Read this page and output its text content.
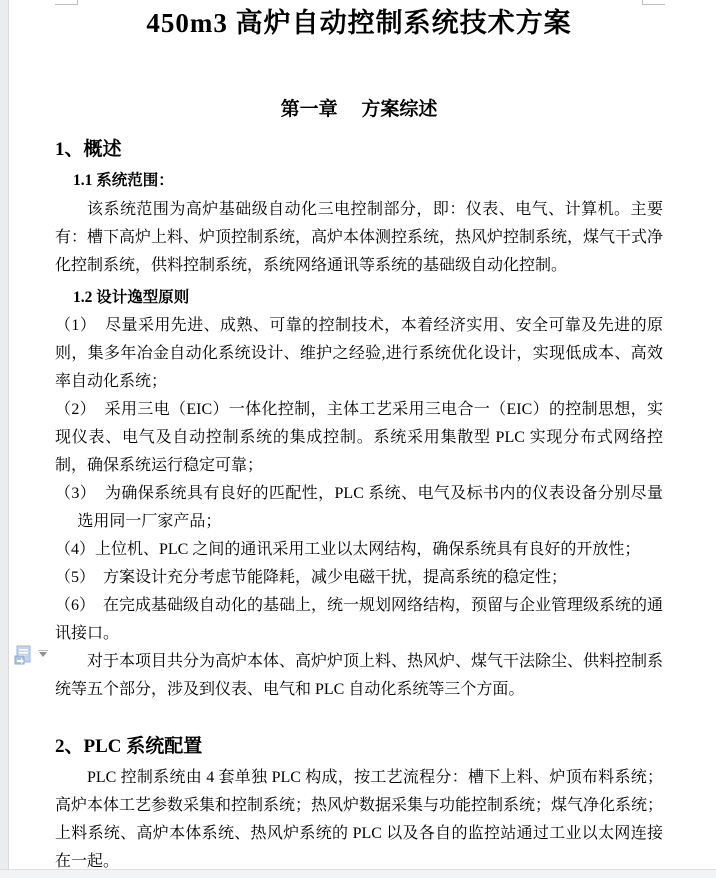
450m3 高炉自动控制系统技术方案
第一章　 方案综述
1、概述
1.1 系统范围：
该系统范围为高炉基础级自动化三电控制部分，即：仪表、电气、计算机。主要有：槽下高炉上料、炉顶控制系统，高炉本体测控系统，热风炉控制系统，煤气干式净化控制系统，供料控制系统，系统网络通讯等系统的基础级自动化控制。
1.2 设计逸型原则
（1）  尽量采用先进、成熟、可靠的控制技术，本着经济实用、安全可靠及先进的原则，集多年冶金自动化系统设计、维护之经验,进行系统优化设计，实现低成本、高效率自动化系统；
（2）  采用三电（EIC）一体化控制，主体工艺采用三电合一（EIC）的控制思想，实现仪表、电气及自动控制系统的集成控制。系统采用集散型 PLC 实现分布式网络控制，确保系统运行稳定可靠；
（3）  为确保系统具有良好的匹配性，PLC 系统、电气及标书内的仪表设备分别尽量选用同一厂家产品；
（4）上位机、PLC 之间的通讯采用工业以太网结构，确保系统具有良好的开放性；
（5）  方案设计充分考虑节能降耗，减少电磁干扰，提高系统的稳定性；
（6）  在完成基础级自动化的基础上，统一规划网络结构，预留与企业管理级系统的通讯接口。
对于本项目共分为高炉本体、高炉炉顶上料、热风炉、煤气干法除尘、供料控制系统等五个部分，涉及到仪表、电气和 PLC 自动化系统等三个方面。
2、PLC 系统配置
PLC 控制系统由 4 套单独 PLC 构成，按工艺流程分：槽下上料、炉顶布料系统；高炉本体工艺参数采集和控制系统；热风炉数据采集与功能控制系统；煤气净化系统；上料系统、高炉本体系统、热风炉系统的 PLC 以及各自的监控站通过工业以太网连接在一起。
